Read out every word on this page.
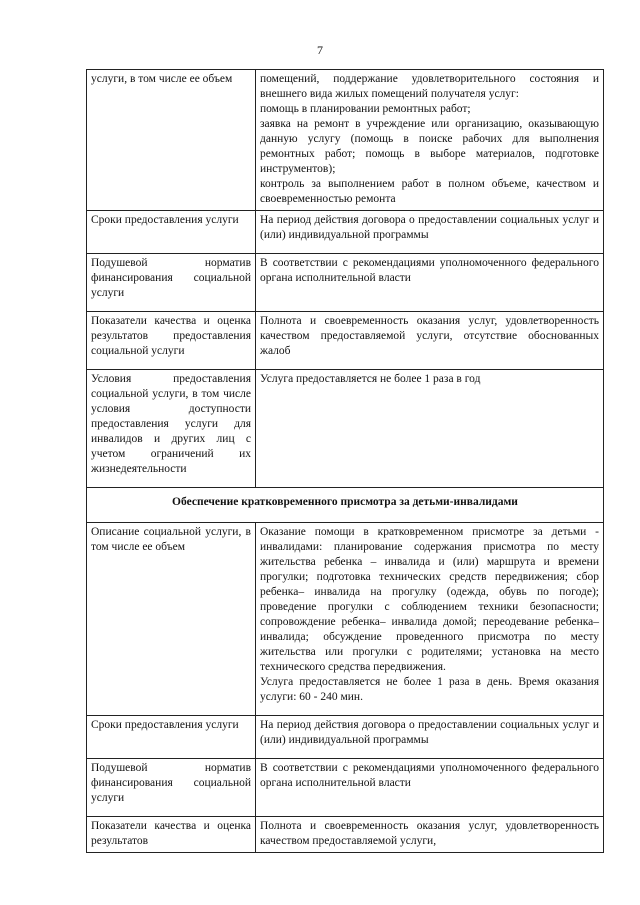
7
услуги, в том числе ее объем	помещений, поддержание удовлетворительного состояния и внешнего вида жилых помещений получателя услуг:
помощь в планировании ремонтных работ;
заявка на ремонт в учреждение или организацию, оказывающую данную услугу (помощь в поиске рабочих для выполнения ремонтных работ; помощь в выборе материалов, подготовке инструментов);
контроль за выполнением работ в полном объеме, качеством и своевременностью ремонта

Сроки предоставления услуги	На период действия договора о предоставлении социальных услуг и (или) индивидуальной программы
Подушевой норматив финансирования социальной услуги	В соответствии с рекомендациями уполномоченного федерального органа исполнительной власти
Показатели качества и оценка результатов предоставления социальной услуги	Полнота и своевременность оказания услуг, удовлетворенность качеством предоставляемой услуги, отсутствие обоснованных жалоб
Условия предоставления социальной услуги, в том числе условия доступности предоставления услуги для инвалидов и других лиц с учетом ограничений их жизнедеятельности	Услуга предоставляется не более 1 раза в год
Обеспечение кратковременного присмотра за детьми-инвалидами	
Описание социальной услуги, в том числе ее объем	Оказание помощи в кратковременном присмотре за детьми - инвалидами: планирование содержания присмотра по месту жительства ребенка – инвалида и (или) маршрута и времени прогулки; подготовка технических средств передвижения; сбор ребенка– инвалида на прогулку (одежда, обувь по погоде); проведение прогулки с соблюдением техники безопасности; сопровождение ребенка– инвалида домой; переодевание ребенка– инвалида; обсуждение проведенного присмотра по месту жительства или прогулки с родителями; установка на место технического средства передвижения.
Услуга предоставляется не более 1 раза в день. Время оказания услуги: 60 - 240 мин.

Сроки предоставления услуги	На период действия договора о предоставлении социальных услуг и (или) индивидуальной программы
Подушевой норматив финансирования социальной услуги	В соответствии с рекомендациями уполномоченного федерального органа исполнительной власти
Показатели качества и оценка результатов	Полнота и своевременность оказания услуг, удовлетворенность качеством предоставляемой услуги,
